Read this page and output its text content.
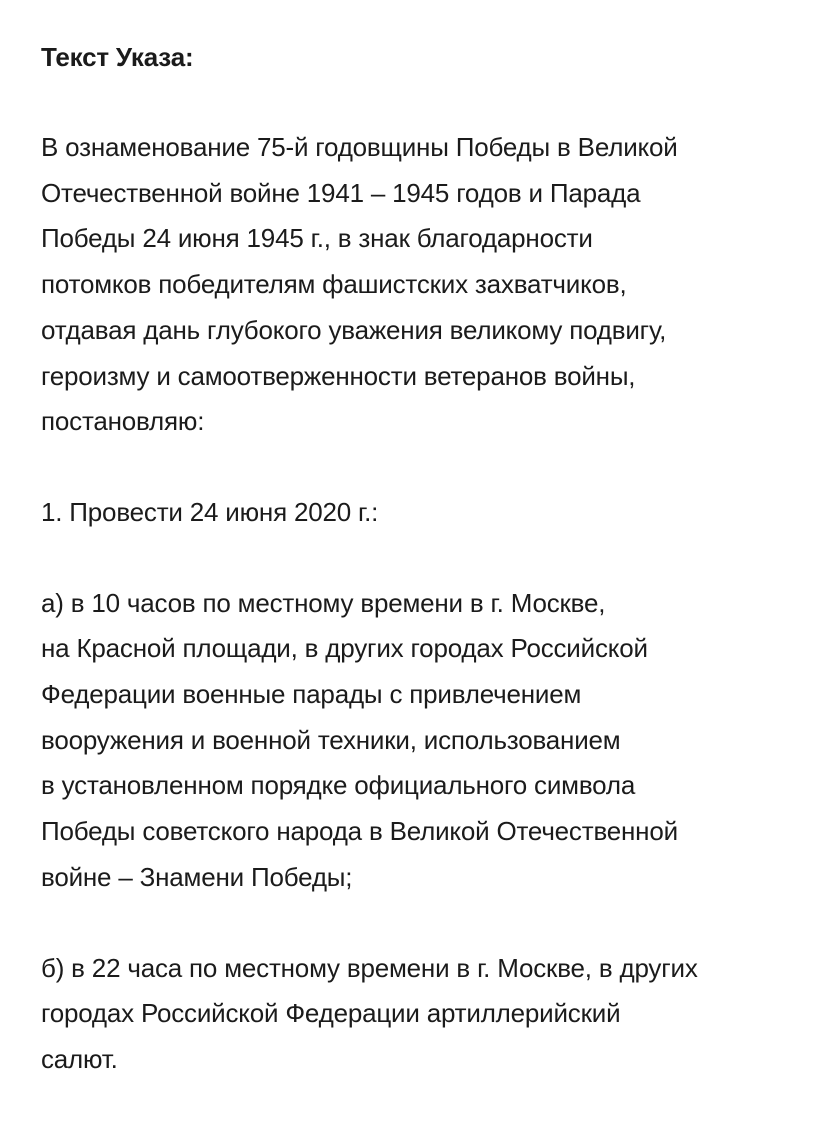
Текст Указа:

В ознаменование 75-й годовщины Победы в Великой
Отечественной войне 1941 – 1945 годов и Парада
Победы 24 июня 1945 г., в знак благодарности
потомков победителям фашистских захватчиков,
отдавая дань глубокого уважения великому подвигу,
героизму и самоотверженности ветеранов войны,
постановляю:

1. Провести 24 июня 2020 г.:

а) в 10 часов по местному времени в г. Москве,
на Красной площади, в других городах Российской
Федерации военные парады с привлечением
вооружения и военной техники, использованием
в установленном порядке официального символа
Победы советского народа в Великой Отечественной
войне – Знамени Победы;

б) в 22 часа по местному времени в г. Москве, в других
городах Российской Федерации артиллерийский
салют.
